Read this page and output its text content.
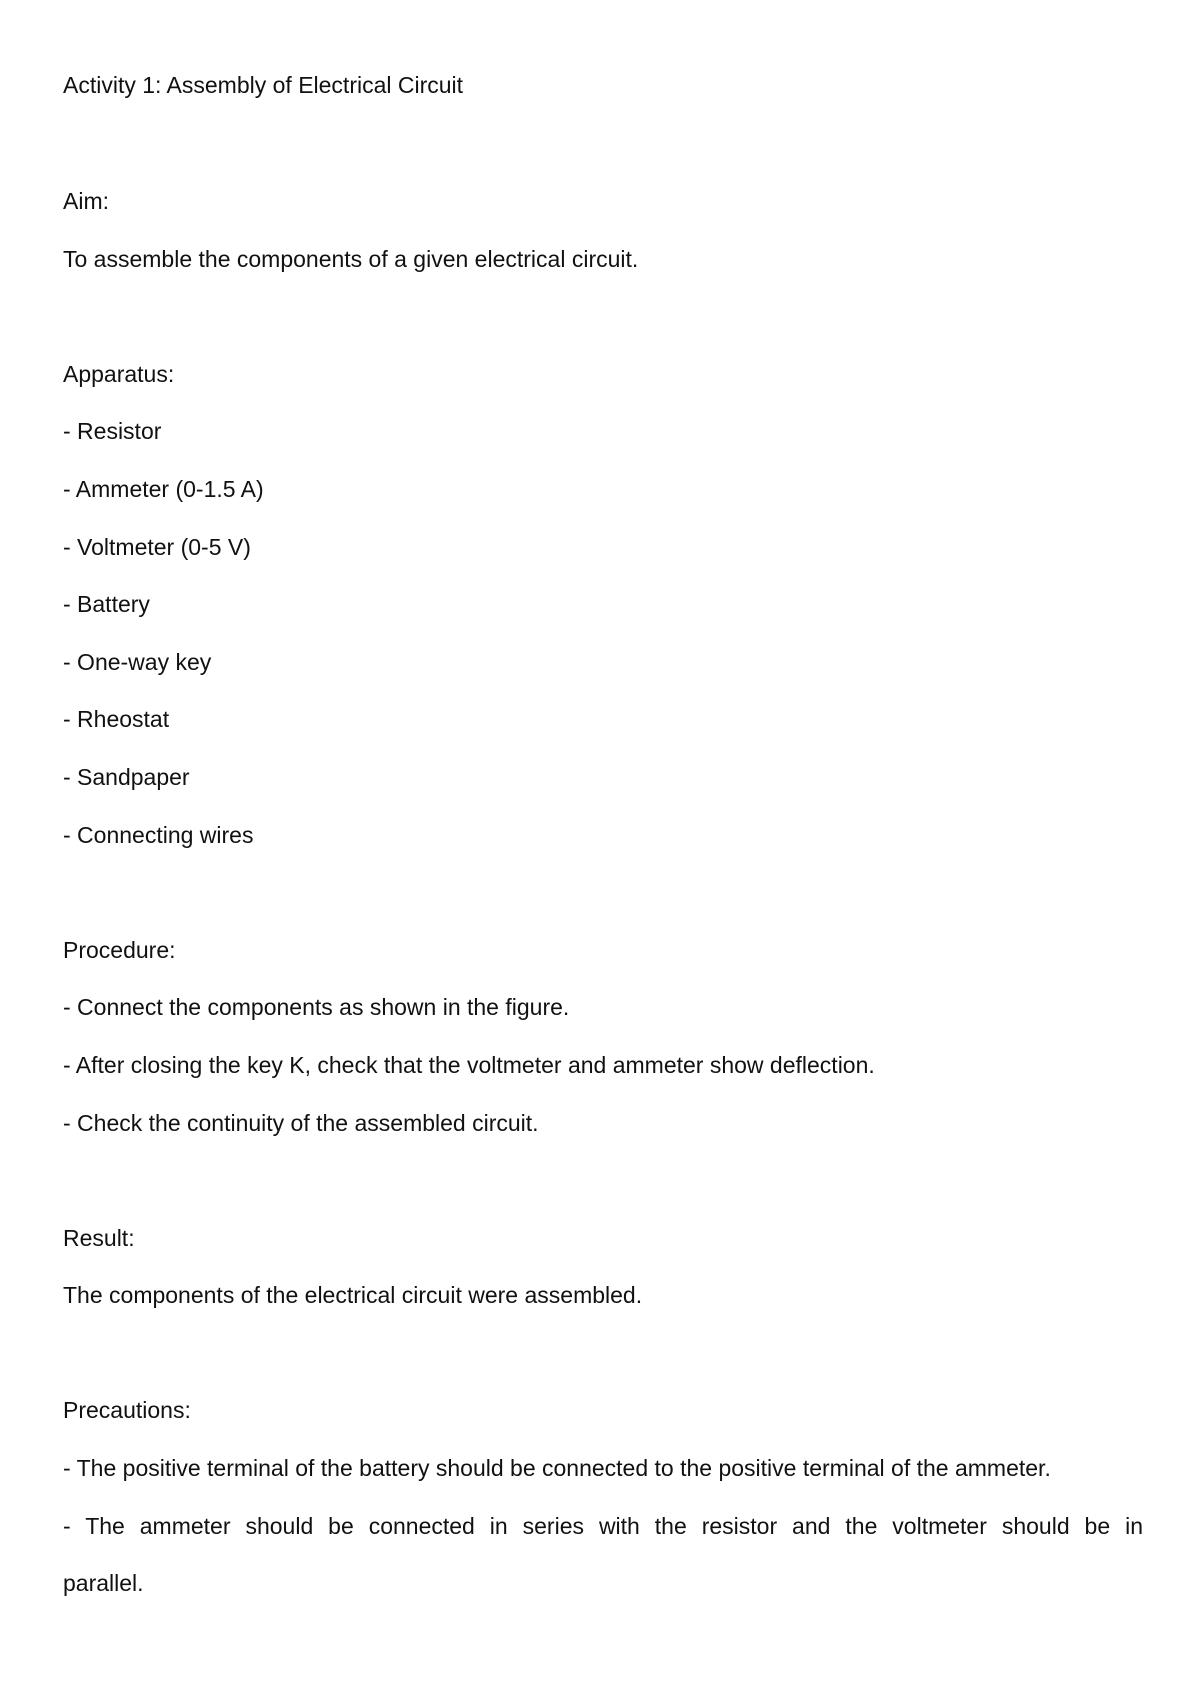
Activity 1: Assembly of Electrical Circuit

Aim:

To assemble the components of a given electrical circuit.

Apparatus:

- Resistor

- Ammeter (0-1.5 A)

- Voltmeter (0-5 V)

- Battery

- One-way key

- Rheostat

- Sandpaper

- Connecting wires

Procedure:

- Connect the components as shown in the figure.

- After closing the key K, check that the voltmeter and ammeter show deflection.

- Check the continuity of the assembled circuit.

Result:

The components of the electrical circuit were assembled.

Precautions:

- The positive terminal of the battery should be connected to the positive terminal of the ammeter.

- The ammeter should be connected in series with the resistor and the voltmeter should be in

parallel.
